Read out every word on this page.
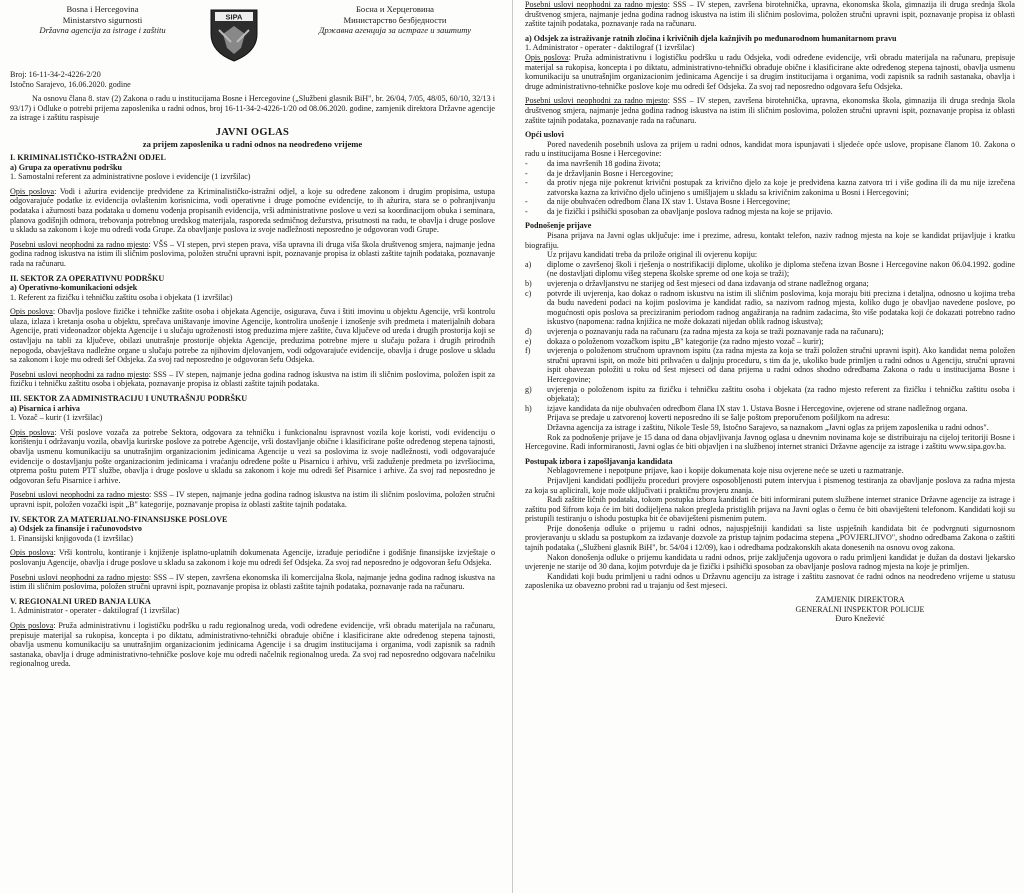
Bosna i Hercegovina
Ministarstvo sigurnosti
Državna agencija za istrage i zaštitu
SIPA
Босна и Херцеговина
Министарство безбједности
Државна агенција за истраге и заштиту

Broj: 16-11-34-2-4226-2/20

Istočno Sarajevo, 16.06.2020. godine

Na osnovu člana 8. stav (2) Zakona o radu u institucijama Bosne i Hercegovine („Službeni glasnik BiH", br. 26/04, 7/05, 48/05, 60/10, 32/13 i 93/17) i Odluke o potrebi prijema zaposlenika u radni odnos, broj 16-11-34-2-4226-1/20 od 08.06.2020. godine, zamjenik direktora Državne agencije za istrage i zaštitu raspisuje

JAVNI OGLAS
za prijem zaposlenika u radni odnos na neodređeno vrijeme

I. KRIMINALISTIČKO-ISTRAŽNI ODJEL

a) Grupa za operativnu podršku

1. Samostalni referent za administrativne poslove i evidencije (1 izvršilac)

Opis poslova: Vodi i ažurira evidencije predviđene za Kriminalističko-istražni odjel, a koje su određene zakonom i drugim propisima, ustupa odgovarajuće podatke iz evidencija ovlaštenim korisnicima, vodi operativne i druge pomoćne evidencije, to ih ažurira, stara se o pohranjivanju podataka i ažurnosti baza podataka u domenu vođenja propisanih evidencija, vrši administrativne poslove u vezi sa koordinacijom obuka i seminara, planova godišnjih odmora, trebovanja potrebnog uredskog materijala, rasporeda sedmičnog dežurstva, prisutnosti na radu, te obavlja i druge poslove u skladu sa zakonom i koje mu odredi vođa Grupe. Za obavljanje poslova iz svoje nadležnosti neposredno je odgovoran vođi Grupe.

Posebni uslovi neophodni za radno mjesto: VŠS – VI stepen, prvi stepen prava, viša upravna ili druga viša škola društvenog smjera, najmanje jedna godina radnog iskustva na istim ili sličnim poslovima, položen stručni upravni ispit, poznavanje propisa iz oblasti zaštite tajnih podataka, poznavanje rada na računaru.

II. SEKTOR ZA OPERATIVNU PODRŠKU

a) Operativno-komunikacioni odsjek

1. Referent za fizičku i tehničku zaštitu osoba i objekata (1 izvršilac)

Opis poslova: Obavlja poslove fizičke i tehničke zaštite osoba i objekata Agencije, osigurava, čuva i štiti imovinu u objektu Agencije, vrši kontrolu ulaza, izlaza i kretanja osoba u objektu, sprečava uništavanje imovine Agencije, kontrolira unošenje i iznošenje svih predmeta i materijalnih dobara Agencije, prati videonadzor objekta Agencije i u slučaju ugroženosti istog preduzima mjere zaštite, čuva ključeve od ureda i drugih prostorija koji se ostavljaju na tabli za ključeve, obilazi unutrašnje prostorije objekta Agencije, preduzima potrebne mjere u slučaju požara i drugih prirodnih nepogoda, obavještava nadležne organe u slučaju potrebe za njihovim djelovanjem, vodi odgovarajuće evidencije, obavlja i druge poslove u skladu sa zakonom i koje mu odredi šef Odsjeka. Za svoj rad neposredno je odgovoran šefu Odsjeka.

Posebni uslovi neophodni za radno mjesto: SSS – IV stepen, najmanje jedna godina radnog iskustva na istim ili sličnim poslovima, položen ispit za fizičku i tehničku zaštitu osoba i objekata, poznavanje propisa iz oblasti zaštite tajnih podataka.

III. SEKTOR ZA ADMINISTRACIJU I UNUTRAŠNJU PODRŠKU

a) Pisarnica i arhiva

1. Vozač – kurir (1 izvršilac)

Opis poslova: Vrši poslove vozača za potrebe Sektora, odgovara za tehničku i funkcionalnu ispravnost vozila koje koristi, vodi evidenciju o korištenju i održavanju vozila, obavlja kurirske poslove za potrebe Agencije, vrši dostavljanje obične i klasificirane pošte određenog stepena tajnosti, obavlja usmenu komunikaciju sa unutrašnjim organizacionim jedinicama Agencije u vezi sa poslovima iz svoje nadležnosti, vodi odgovarajuće evidencije o dostavljanju pošte organizacionim jedinicama i vraćanju određene pošte u Pisarnicu i arhivu, vrši zaduženje predmeta po izvršiocima, otprema poštu putem PTT službe, obavlja i druge poslove u skladu sa zakonom i koje mu odredi šef Pisarnice i arhive. Za svoj rad neposredno je odgovoran šefu Pisarnice i arhive.

Posebni uslovi neophodni za radno mjesto: SSS – IV stepen, najmanje jedna godina radnog iskustva na istim ili sličnim poslovima, položen stručni upravni ispit, položen vozački ispit „B" kategorije, poznavanje propisa iz oblasti zaštite tajnih podataka.

IV. SEKTOR ZA MATERIJALNO-FINANSIJSKE POSLOVE

a) Odsjek za finansije i računovodstvo

1. Finansijski knjigovođa (1 izvršilac)

Opis poslova: Vrši kontrolu, kontiranje i knjiženje isplatno-uplatnih dokumenata Agencije, izrađuje periodične i godišnje finansijske izvještaje o poslovanju Agencije, obavlja i druge poslove u skladu sa zakonom i koje mu odredi šef Odsjeka. Za svoj rad neposredno je odgovoran šefu Odsjeka.

Posebni uslovi neophodni za radno mjesto: SSS – IV stepen, završena ekonomska ili komercijalna škola, najmanje jedna godina radnog iskustva na istim ili sličnim poslovima, položen stručni upravni ispit, poznavanje propisa iz oblasti zaštite tajnih podataka, poznavanje rada na računaru.

V. REGIONALNI URED BANJA LUKA

1. Administrator - operater - daktilograf (1 izvršilac)

Opis poslova: Pruža administrativnu i logističku podršku u radu regionalnog ureda, vodi određene evidencije, vrši obradu materijala na računaru, prepisuje materijal sa rukopisa, koncepta i po diktatu, administrativno-tehnički obrađuje obične i klasificirane akte određenog stepena tajnosti, obavlja usmenu komunikaciju sa unutrašnjim organizacionim jedinicama Agencije i sa drugim institucijama i organima, vodi zapisnik sa radnih sastanaka, obavlja i druge administrativno-tehničke poslove koje mu odredi načelnik regionalnog ureda. Za svoj rad neposredno odgovara načelniku regionalnog ureda.

Posebni uslovi neophodni za radno mjesto: SSS – IV stepen, završena birotehnička, upravna, ekonomska škola, gimnazija ili druga srednja škola društvenog smjera, najmanje jedna godina radnog iskustva na istim ili sličnim poslovima, položen stručni upravni ispit, poznavanje propisa iz oblasti zaštite tajnih podataka, poznavanje rada na računaru.

a) Odsjek za istraživanje ratnih zločina i krivičnih djela kažnjivih po međunarodnom humanitarnom pravu

1. Administrator - operater - daktilograf (1 izvršilac)

Opis poslova: Pruža administrativnu i logističku podršku u radu Odsjeka, vodi određene evidencije, vrši obradu materijala na računaru, prepisuje materijal sa rukopisa, koncepta i po diktatu, administrativno-tehnički obrađuje obične i klasificirane akte određenog stepena tajnosti, obavlja usmenu komunikaciju sa unutrašnjim organizacionim jedinicama Agencije i sa drugim institucijama i organima, vodi zapisnik sa radnih sastanaka, obavlja i druge administrativno-tehničke poslove koje mu odredi šef Odsjeka. Za svoj rad neposredno odgovara šefu Odsjeka.

Posebni uslovi neophodni za radno mjesto: SSS – IV stepen, završena birotehnička, upravna, ekonomska škola, gimnazija ili druga srednja škola društvenog smjera, najmanje jedna godina radnog iskustva na istim ili sličnim poslovima, položen stručni upravni ispit, poznavanje propisa iz oblasti zaštite tajnih podataka, poznavanje rada na računaru.

Opći uslovi

Pored navedenih posebnih uslova za prijem u radni odnos, kandidat mora ispunjavati i sljedeće opće uslove, propisane članom 10. Zakona o radu u institucijama Bosne i Hercegovine:

- da ima navršenih 18 godina života;
- da je državljanin Bosne i Hercegovine;
- da protiv njega nije pokrenut krivični postupak za krivično djelo za koje je predviđena kazna zatvora tri i više godina ili da mu nije izrečena zatvorska kazna za krivično djelo učinjeno s umišljajem u skladu sa krivičnim zakonima u Bosni i Hercegovini;
- da nije obuhvaćen odredbom člana IX stav 1. Ustava Bosne i Hercegovine;
- da je fizički i psihički sposoban za obavljanje poslova radnog mjesta na koje se prijavio.

Podnošenje prijave

Pisana prijava na Javni oglas uključuje: ime i prezime, adresu, kontakt telefon, naziv radnog mjesta na koje se kandidat prijavljuje i kratku biografiju.

Uz prijavu kandidati treba da prilože original ili ovjerenu kopiju:

a) diplome o završenoj školi i rješenja o nostrifikaciji diplome, ukoliko je diploma stečena izvan Bosne i Hercegovine nakon 06.04.1992. godine (ne dostavljati diplomu višeg stepena školske spreme od one koja se traži);
b) uvjerenja o državljanstvu ne starijeg od šest mjeseci od dana izdavanja od strane nadležnog organa;
c) potvrde ili uvjerenja, kao dokaz o radnom iskustvu na istim ili sličnim poslovima, koja moraju biti precizna i detaljna, odnosno u kojima treba da budu navedeni podaci na kojim poslovima je kandidat radio, sa nazivom radnog mjesta, koliko dugo je obavljao navedene poslove, po mogućnosti opis poslova sa preciziranim periodom radnog angažiranja na radnim zadacima, što više podataka koji će dokazati potrebno radno iskustvo (napomena: radna knjižica ne može dokazati nijedan oblik radnog iskustva);
d) uvjerenja o poznavanju rada na računaru (za radna mjesta za koja se traži poznavanje rada na računaru);
e) dokaza o položenom vozačkom ispitu „B" kategorije (za radno mjesto vozač – kurir);
f) uvjerenja o položenom stručnom upravnom ispitu (za radna mjesta za koja se traži položen stručni upravni ispit). Ako kandidat nema položen stručni upravni ispit, on može biti prihvaćen u daljnju proceduru, s tim da je, ukoliko bude primljen u radni odnos u Agenciju, stručni upravni ispit obavezan položiti u roku od šest mjeseci od dana prijema u radni odnos shodno odredbama Zakona o radu u institucijama Bosne i Hercegovine;
g) uvjerenja o položenom ispitu za fizičku i tehničku zaštitu osoba i objekata (za radno mjesto referent za fizičku i tehničku zaštitu osoba i objekata);
h) izjave kandidata da nije obuhvaćen odredbom člana IX stav 1. Ustava Bosne i Hercegovine, ovjerene od strane nadležnog organa.

Prijava se predaje u zatvorenoj koverti neposredno ili se šalje poštom preporučenom pošiljkom na adresu:

Državna agencija za istrage i zaštitu, Nikole Tesle 59, Istočno Sarajevo, sa naznakom „Javni oglas za prijem zaposlenika u radni odnos".

Rok za podnošenje prijave je 15 dana od dana objavljivanja Javnog oglasa u dnevnim novinama koje se distribuiraju na cijeloj teritoriji Bosne i Hercegovine. Radi informiranosti, Javni oglas će biti objavljen i na službenoj internet stranici Državne agencije za istrage i zaštitu www.sipa.gov.ba.

Postupak izbora i zapošljavanja kandidata

Neblagovremene i nepotpune prijave, kao i kopije dokumenata koje nisu ovjerene neće se uzeti u razmatranje.

Prijavljeni kandidati podliježu proceduri provjere osposobljenosti putem intervjua i pismenog testiranja za obavljanje poslova za radna mjesta za koja su aplicirali, koje može uključivati i praktičnu provjeru znanja.

Radi zaštite ličnih podataka, tokom postupka izbora kandidati će biti informirani putem službene internet stranice Državne agencije za istrage i zaštitu pod šifrom koja će im biti dodijeljena nakon pregleda pristiglih prijava na Javni oglas o čemu će biti obaviješteni telefonom. Kandidati koji su pristupili testiranju o ishodu postupka bit će obaviješteni pismenim putem.

Prije donošenja odluke o prijemu u radni odnos, najuspješniji kandidati sa liste uspješnih kandidata bit će podvrgnuti sigurnosnom provjeravanju u skladu sa postupkom za izdavanje dozvole za pristup tajnim podacima stepena „POVJERLJIVO", shodno odredbama Zakona o zaštiti tajnih podataka („Službeni glasnik BiH", br. 54/04 i 12/09), kao i odredbama podzakonskih akata donesenih na osnovu ovog zakona.

Nakon donošenja odluke o prijemu kandidata u radni odnos, prije zaključenja ugovora o radu primljeni kandidat je dužan da dostavi ljekarsko uvjerenje ne starije od 30 dana, kojim potvrđuje da je fizički i psihički sposoban za obavljanje poslova radnog mjesta na koje je primljen.

Kandidati koji budu primljeni u radni odnos u Državnu agenciju za istrage i zaštitu zasnovat će radni odnos na neodređeno vrijeme u statusu zaposlenika uz obavezno probni rad u trajanju od šest mjeseci.

ZAMJENIK DIREKTORA
GENERALNI INSPEKTOR POLICIJE
Đuro Knežević
